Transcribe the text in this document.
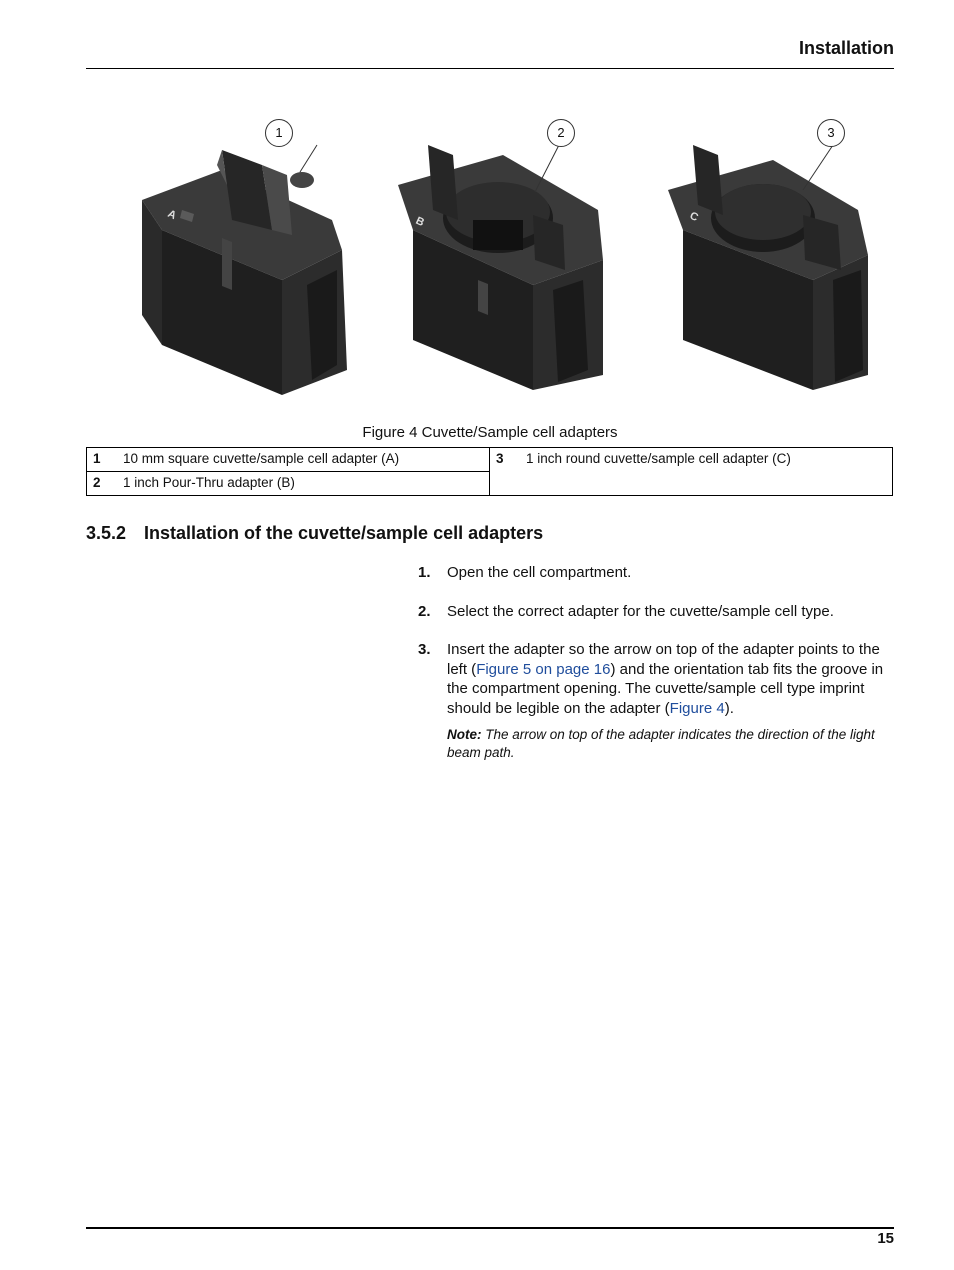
Installation
A
1
B
2
C
3
Figure 4 Cuvette/Sample cell adapters
1 10 mm square cuvette/sample cell adapter (A)	3 1 inch round cuvette/sample cell adapter (C)
2 1 inch Pour-Thru adapter (B)
3.5.2 Installation of the cuvette/sample cell adapters
1. Open the cell compartment.
2. Select the correct adapter for the cuvette/sample cell type.
3. Insert the adapter so the arrow on top of the adapter points to the left (Figure 5 on page 16) and the orientation tab fits the groove in the compartment opening. The cuvette/sample cell type imprint should be legible on the adapter (Figure 4).
Note: The arrow on top of the adapter indicates the direction of the light beam path.
15
